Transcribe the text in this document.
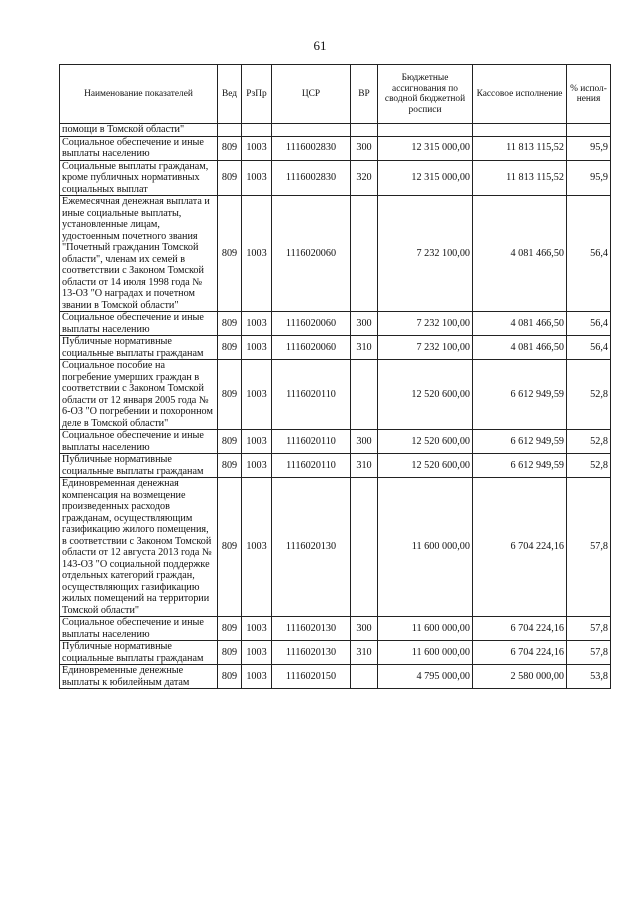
61
Наименование показателей	Вед	РзПр	ЦСР	ВР	Бюджетные ассигнования по сводной бюджетной росписи	Кассовое исполнение	% испол-нения
помощи в Томской области"							
Социальное обеспечение и иные выплаты населению	809	1003	1116002830	300	12 315 000,00	11 813 115,52	95,9
Социальные выплаты гражданам, кроме публичных нормативных социальных выплат	809	1003	1116002830	320	12 315 000,00	11 813 115,52	95,9
Ежемесячная денежная выплата и иные социальные выплаты, установленные лицам, удостоенным почетного звания "Почетный гражданин Томской области", членам их семей в соответствии с Законом Томской области от 14 июля 1998 года № 13-ОЗ "О наградах и почетном звании в Томской области"	809	1003	1116020060		7 232 100,00	4 081 466,50	56,4
Социальное обеспечение и иные выплаты населению	809	1003	1116020060	300	7 232 100,00	4 081 466,50	56,4
Публичные нормативные социальные выплаты гражданам	809	1003	1116020060	310	7 232 100,00	4 081 466,50	56,4
Социальное пособие на погребение умерших граждан в соответствии с Законом Томской области от 12 января 2005 года № 6-ОЗ "О погребении и похоронном деле в Томской области"	809	1003	1116020110		12 520 600,00	6 612 949,59	52,8
Социальное обеспечение и иные выплаты населению	809	1003	1116020110	300	12 520 600,00	6 612 949,59	52,8
Публичные нормативные социальные выплаты гражданам	809	1003	1116020110	310	12 520 600,00	6 612 949,59	52,8
Единовременная денежная компенсация на возмещение произведенных расходов гражданам, осуществляющим газификацию жилого помещения, в соответствии с Законом Томской области от 12 августа 2013 года № 143-ОЗ "О социальной поддержке отдельных категорий граждан, осуществляющих газификацию жилых помещений на территории Томской области"	809	1003	1116020130		11 600 000,00	6 704 224,16	57,8
Социальное обеспечение и иные выплаты населению	809	1003	1116020130	300	11 600 000,00	6 704 224,16	57,8
Публичные нормативные социальные выплаты гражданам	809	1003	1116020130	310	11 600 000,00	6 704 224,16	57,8
Единовременные денежные выплаты к юбилейным датам	809	1003	1116020150		4 795 000,00	2 580 000,00	53,8
